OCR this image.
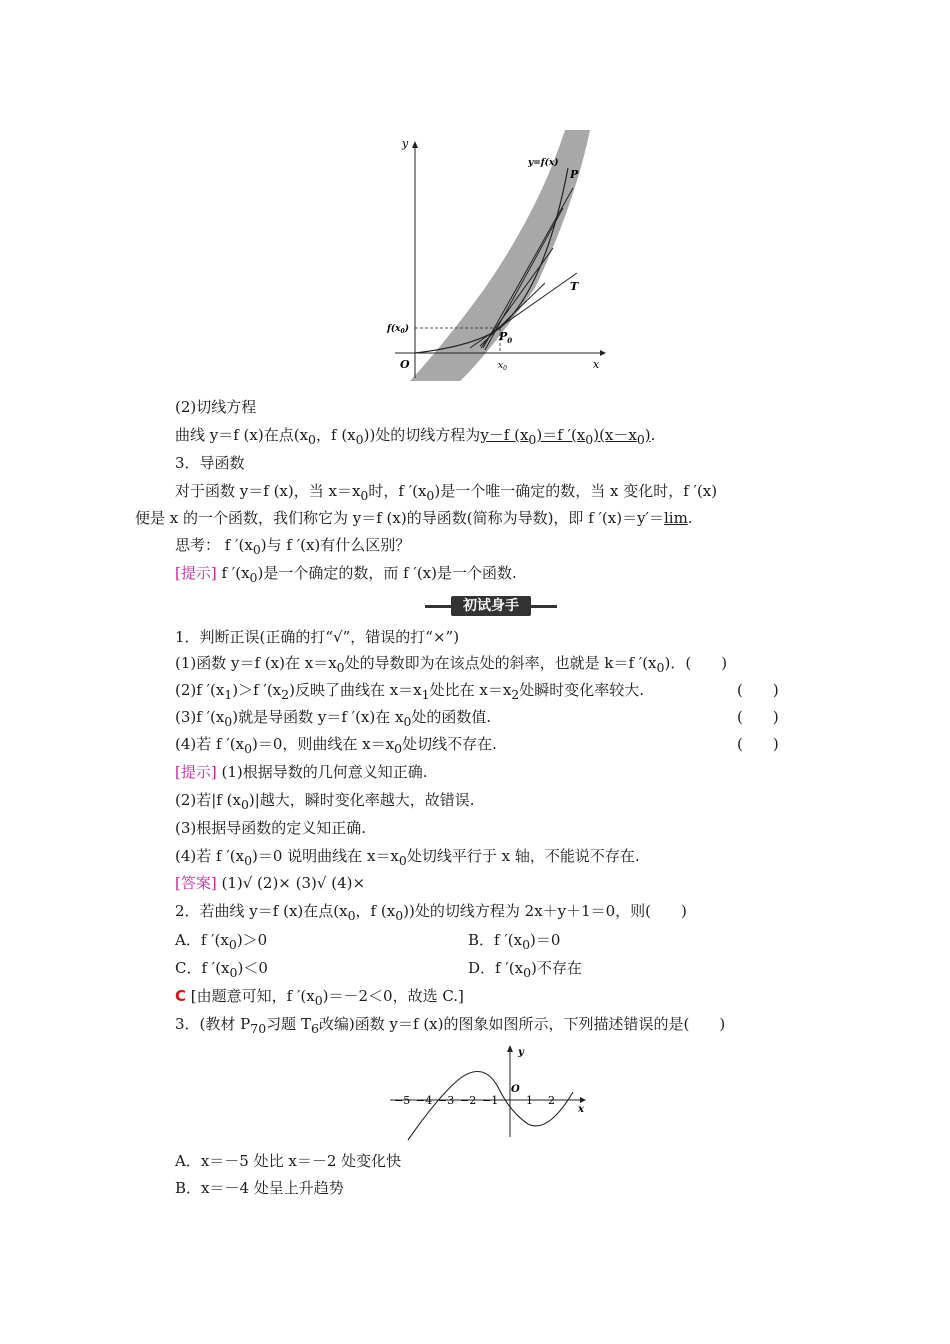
y
x
O
y=f(x)
P
T
$P_0$
$f(x_0)$
$x_0$
(2)切线方程
曲线 y＝f (x)在点($x_0$，f $(x_0)$)处的切线方程为y－f $(x_0)=f$ $'(x_0)(x-x_0)$.
3．导函数
对于函数 y＝f (x)，当 $x=x_0$时，f $'(x_0)$是一个唯一确定的数，当 x 变化时，f ′(x)
便是 x 的一个函数，我们称它为 y＝f (x)的导函数(简称为导数)，即 f ′(x)＝y′＝lim.
思考： f $'(x_0)$与 f ′(x)有什么区别？
[提示] f $'(x_0)$是一个确定的数，而 f ′(x)是一个函数.
初试身手
1．判断正误(正确的打“√”，错误的打“×”)
(1)函数 y＝f (x)在 $x=x_0$处的导数即为在该点处的斜率，也就是 k＝f $'(x_0)$．(　　)
(2)f $'(x_1)>f$ $'(x_2)$反映了曲线在 $x=x_1$处比在 $x=x_2$处瞬时变化率较大.	(　　)
(3)f $'(x_0)$就是导函数 y＝f ′(x)在 $x_0$处的函数值.	(　　)
(4)若 f $'(x_0)=0$，则曲线在 $x=x_0$处切线不存在.	(　　)
[提示] (1)根据导数的几何意义知正确.
(2)若|f $(x_0)|$越大，瞬时变化率越大，故错误.
(3)根据导函数的定义知正确.
(4)若 f $'(x_0)=0$ 说明曲线在 $x=x_0$处切线平行于 x 轴，不能说不存在.
[答案] (1)√ (2)× (3)√ (4)×
2．若曲线 y＝f (x)在点($x_0$，f $(x_0)$)处的切线方程为 2x＋y＋1＝0，则(　　)
A．f $'(x_0)>0$	B．f $'(x_0)=0$
C．f $'(x_0)<0$	D．f $'(x_0)$不存在
C [由题意可知，f $'(x_0)=-2<0$，故选 C.]
3．(教材 $P_{70}$习题 $T_6$改编)函数 y＝f (x)的图象如图所示，下列描述错误的是(　　)
y
x
O
−5 −4 −3 −2 −1	1 2
A．x＝－5 处比 x＝－2 处变化快
B．x＝－4 处呈上升趋势
